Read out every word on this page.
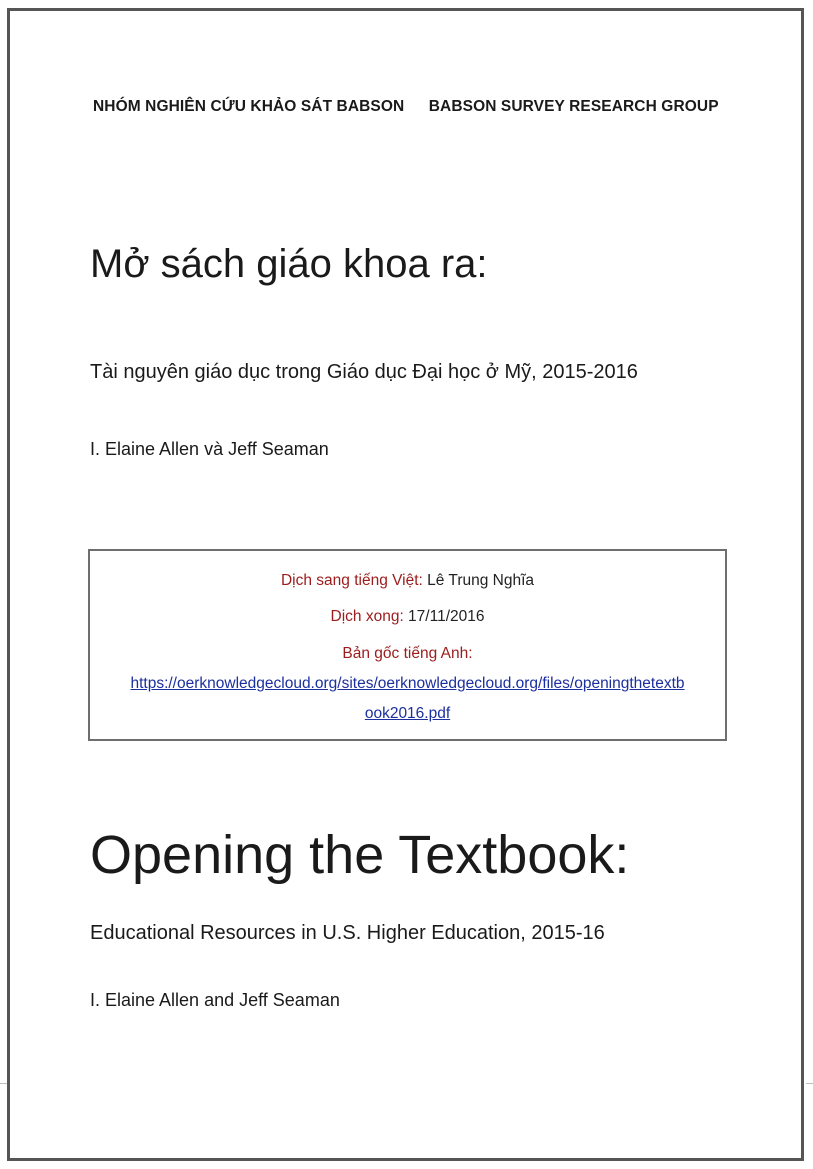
NHÓM NGHIÊN CỨU KHẢO SÁT BABSON BABSON SURVEY RESEARCH GROUP
Mở sách giáo khoa ra:
Tài nguyên giáo dục trong Giáo dục Đại học ở Mỹ, 2015-2016
I. Elaine Allen và Jeff Seaman
Dịch sang tiếng Việt: Lê Trung Nghĩa
Dịch xong: 17/11/2016
Bản gốc tiếng Anh:
https://oerknowledgecloud.org/sites/oerknowledgecloud.org/files/openingthetextb
ook2016.pdf
Opening the Textbook:
Educational Resources in U.S. Higher Education, 2015-16
I. Elaine Allen and Jeff Seaman
